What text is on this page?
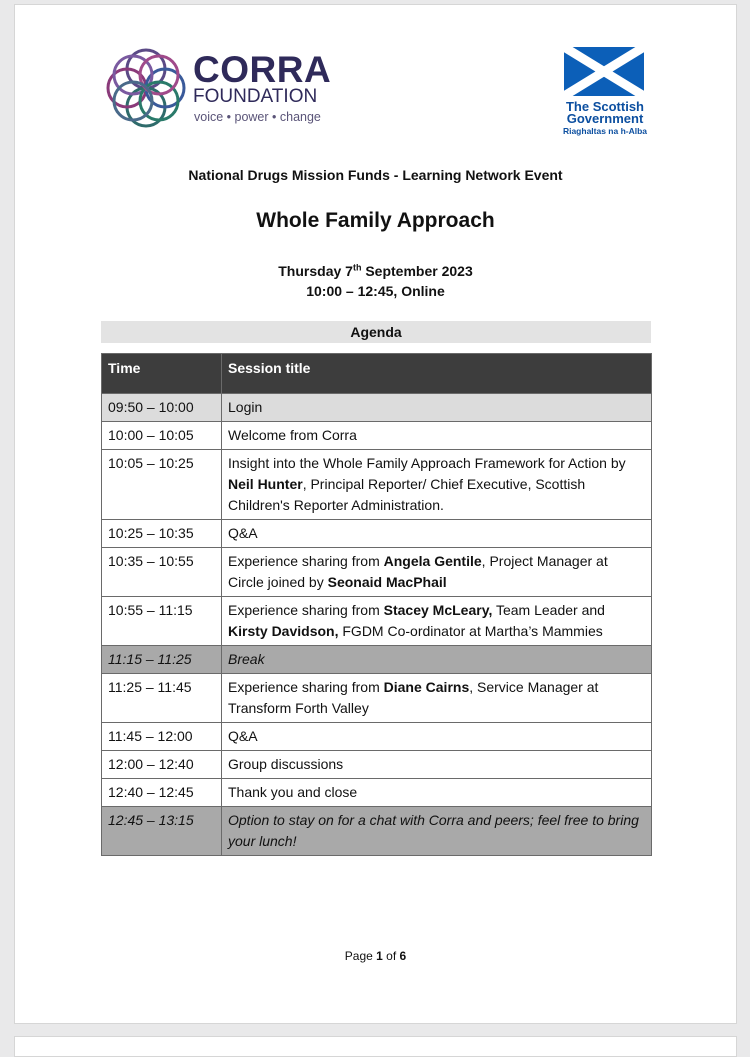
CORRA
FOUNDATION
voice • power • change
The Scottish
Government
Riaghaltas na h-Alba
National Drugs Mission Funds - Learning Network Event
Whole Family Approach
Thursday 7th September 2023
10:00 – 12:45, Online
Agenda
Time	Session title
09:50 – 10:00	Login
10:00 – 10:05	Welcome from Corra
10:05 – 10:25	Insight into the Whole Family Approach Framework for Action by Neil Hunter, Principal Reporter/ Chief Executive, Scottish Children's Reporter Administration.
10:25 – 10:35	Q&A
10:35 – 10:55	Experience sharing from Angela Gentile, Project Manager at Circle joined by Seonaid MacPhail
10:55 – 11:15	Experience sharing from Stacey McLeary, Team Leader and Kirsty Davidson, FGDM Co-ordinator at Martha’s Mammies
11:15 – 11:25	Break
11:25 – 11:45	Experience sharing from Diane Cairns, Service Manager at Transform Forth Valley
11:45 – 12:00	Q&A
12:00 – 12:40	Group discussions
12:40 – 12:45	Thank you and close
12:45 – 13:15	Option to stay on for a chat with Corra and peers; feel free to bring your lunch!
Page 1 of 6
